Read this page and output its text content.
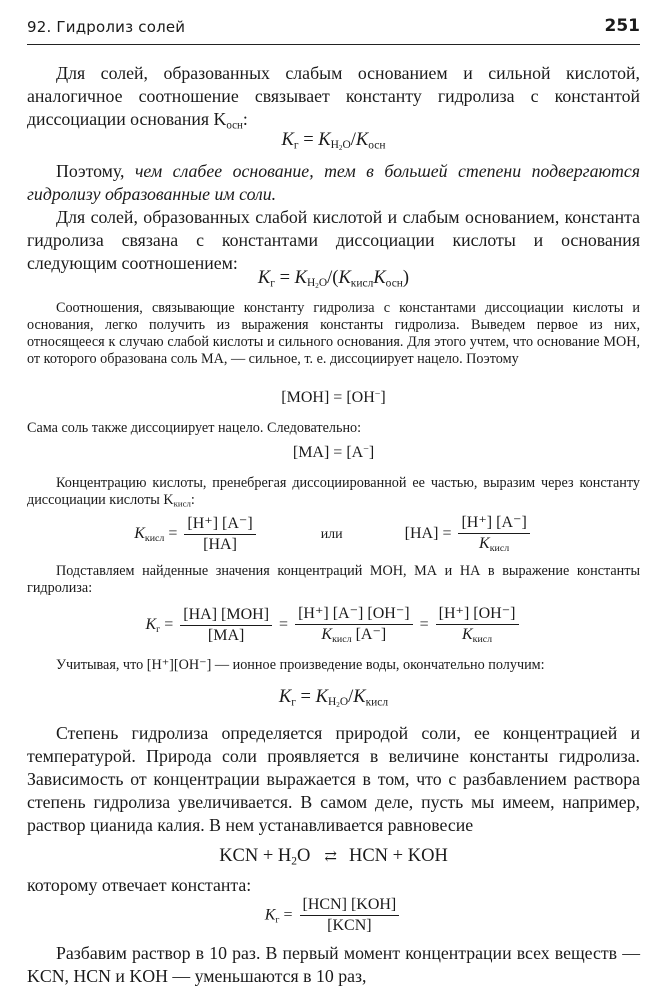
92. Гидролиз солей	251
Для солей, образованных слабым основанием и сильной кислотой, аналогичное соотношение связывает константу гидролиза с константой диссоциации основания $K_{осн}$:
$K_г = K_{H_2O}/K_{осн}$
Поэтому, чем слабее основание, тем в большей степени подвергаются гидролизу образованные им соли.
Для солей, образованных слабой кислотой и слабым основанием, константа гидролиза связана с константами диссоциации кислоты и основания следующим соотношением:
$K_г = K_{H_2O}/(K_{кисл}K_{осн})$
Соотношения, связывающие константу гидролиза с константами диссоциации кислоты и основания, легко получить из выражения константы гидролиза. Выведем первое из них, относящееся к случаю слабой кислоты и сильного основания. Для этого учтем, что основание МОН, от которого образована соль МА, — сильное, т. е. диссоциирует нацело. Поэтому
[MOH] = [OH−]
Сама соль также диссоциирует нацело. Следовательно:
[MA] = [A−]
Концентрацию кислоты, пренебрегая диссоциированной ее частью, выразим через константу диссоциации кислоты $K_{кисл}$:
$K_{кисл} = \frac{[H^+] [A^-]}{[HA]}$	или	$[HA] = \frac{[H^+] [A^-]}{K_{кисл}}$
Подставляем найденные значения концентраций МОН, МА и НА в выражение константы гидролиза:
$K_г = \frac{\text{[HA] [MOH]}}{[MA]} = \frac{[H^+] [A^-] [OH^-]}{K_{кисл} [A^-]} = \frac{[H^+] [OH^-]}{K_{кисл}}$
Учитывая, что [H⁺][OH⁻] — ионное произведение воды, окончательно получим:
$K_г = K_{H_2O}/K_{кисл}$
Степень гидролиза определяется природой соли, ее концентрацией и температурой. Природа соли проявляется в величине константы гидролиза. Зависимость от концентрации выражается в том, что с разбавлением раствора степень гидролиза увеличивается. В самом деле, пусть мы имеем, например, раствор цианида калия. В нем устанавливается равновесие
KCN + $H_2O$ ⇄ HCN + KOH
которому отвечает константа:
$K_г = \frac{\text{[HCN] [KOH]}}{\text{[KCN]}}$
Разбавим раствор в 10 раз. В первый момент концентрации всех веществ — KCN, HCN и KOH — уменьшаются в 10 раз,
